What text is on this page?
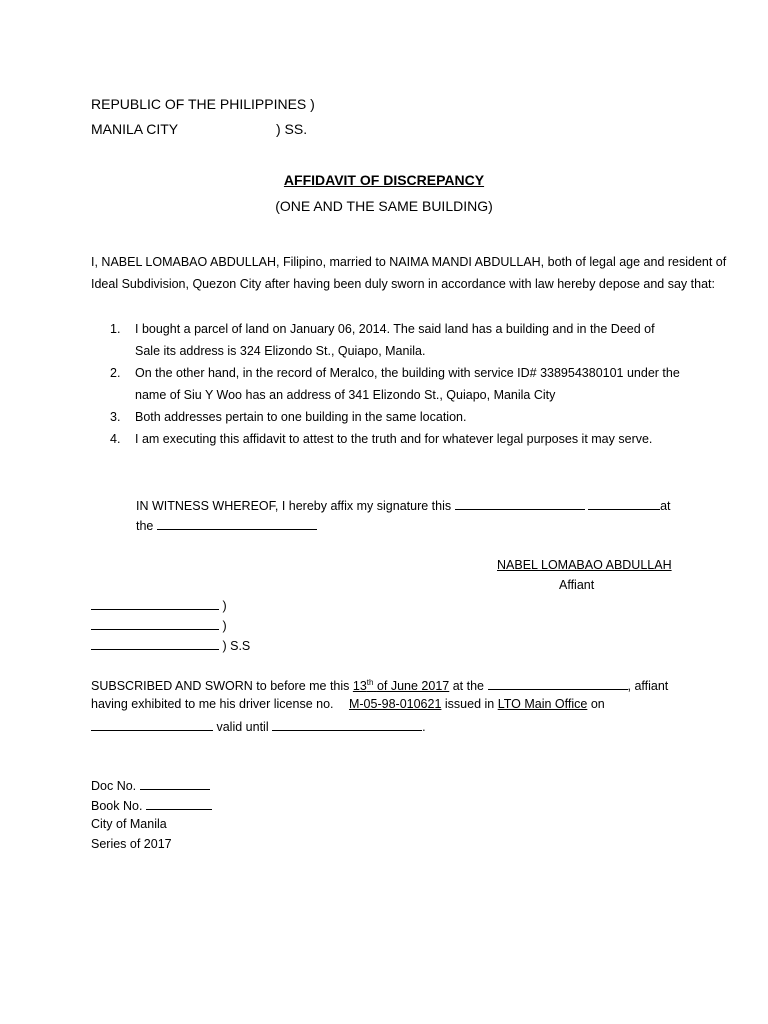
REPUBLIC OF THE PHILIPPINES )
MANILA CITY	) SS.
AFFIDAVIT OF DISCREPANCY
(ONE AND THE SAME BUILDING)
I, NABEL LOMABAO ABDULLAH, Filipino, married to NAIMA MANDI ABDULLAH, both of legal age and resident of
Ideal Subdivision, Quezon City after having been duly sworn in accordance with law hereby depose and say that:
1. I bought a parcel of land on January 06, 2014. The said land has a building and in the Deed of Sale its address is 324 Elizondo St., Quiapo, Manila.
2. On the other hand, in the record of Meralco, the building with service ID# 338954380101 under the name of Siu Y Woo has an address of 341 Elizondo St., Quiapo, Manila City
3. Both addresses pertain to one building in the same location.
4. I am executing this affidavit to attest to the truth and for whatever legal purposes it may serve.
IN WITNESS WHEREOF, I hereby affix my signature this	at
the
NABEL LOMABAO ABDULLAH
Affiant
)
)
) S.S
SUBSCRIBED AND SWORN to before me this 13th of June 2017 at the	, affiant
having exhibited to me his driver license no. M-05-98-010621 issued in LTO Main Office on
valid until	.
Doc No.
Book No.
City of Manila
Series of 2017
